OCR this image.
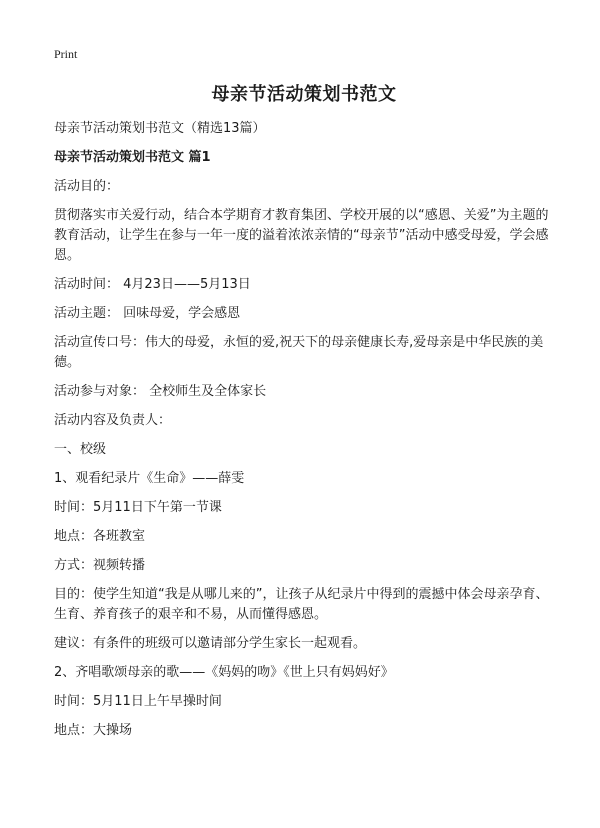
Print
母亲节活动策划书范文

母亲节活动策划书范文（精选13篇）

母亲节活动策划书范文 篇1

活动目的：

贯彻落实市关爱行动，结合本学期育才教育集团、学校开展的以“感恩、关爱”为主题的教育活动，让学生在参与一年一度的溢着浓浓亲情的“母亲节”活动中感受母爱，学会感恩。

活动时间： 4月23日——5月13日

活动主题： 回味母爱，学会感恩

活动宣传口号：伟大的母爱，永恒的爱,祝天下的母亲健康长寿,爱母亲是中华民族的美德。

活动参与对象： 全校师生及全体家长

活动内容及负责人：

一、校级

1、观看纪录片《生命》——薛雯

时间：5月11日下午第一节课

地点：各班教室

方式：视频转播

目的：使学生知道“我是从哪儿来的”，让孩子从纪录片中得到的震撼中体会母亲孕育、生育、养育孩子的艰辛和不易，从而懂得感恩。

建议：有条件的班级可以邀请部分学生家长一起观看。

2、齐唱歌颂母亲的歌——《妈妈的吻》《世上只有妈妈好》

时间：5月11日上午早操时间

地点：大操场
